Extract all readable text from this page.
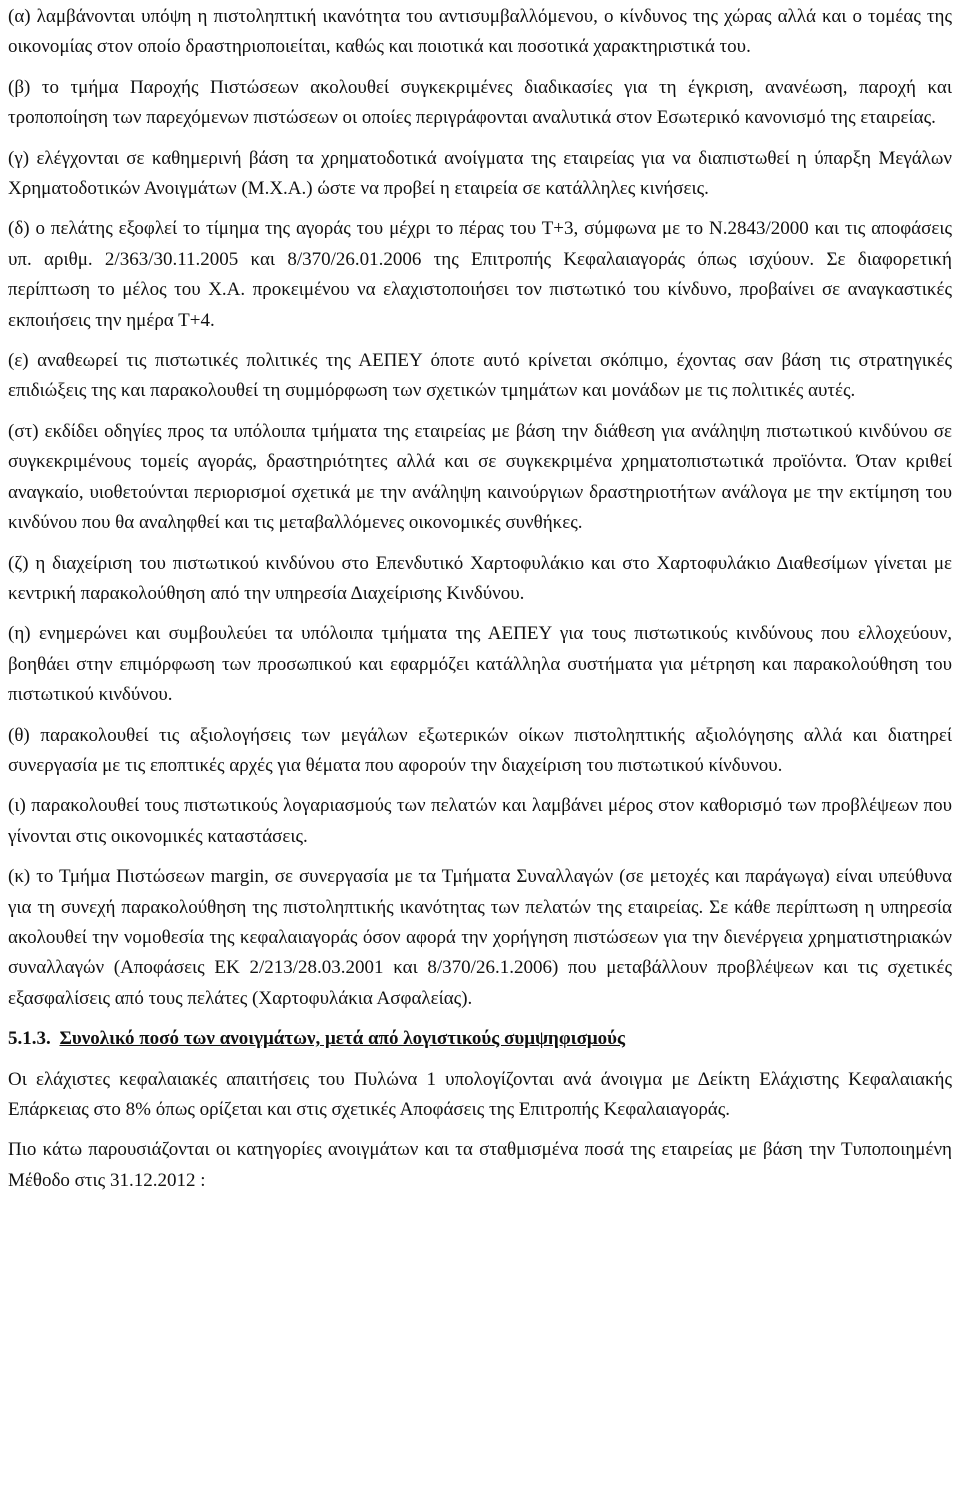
(α) λαμβάνονται υπόψη η πιστοληπτική ικανότητα του αντισυμβαλλόμενου, ο κίνδυνος της χώρας αλλά και ο τομέας της οικονομίας στον οποίο δραστηριοποιείται, καθώς και ποιοτικά και ποσοτικά χαρακτηριστικά του.

(β) το τμήμα Παροχής Πιστώσεων ακολουθεί συγκεκριμένες διαδικασίες για τη έγκριση, ανανέωση, παροχή και τροποποίηση των παρεχόμενων πιστώσεων οι οποίες περιγράφονται αναλυτικά στον Εσωτερικό κανονισμό της εταιρείας.

(γ) ελέγχονται σε καθημερινή βάση τα χρηματοδοτικά ανοίγματα της εταιρείας για να διαπιστωθεί η ύπαρξη Μεγάλων Χρηματοδοτικών Ανοιγμάτων (Μ.Χ.Α.) ώστε να προβεί η εταιρεία σε κατάλληλες κινήσεις.

(δ) ο πελάτης εξοφλεί το τίμημα της αγοράς του μέχρι το πέρας του Τ+3, σύμφωνα με το Ν.2843/2000 και τις αποφάσεις υπ. αριθμ. 2/363/30.11.2005 και 8/370/26.01.2006 της Επιτροπής Κεφαλαιαγοράς όπως ισχύουν. Σε διαφορετική περίπτωση το μέλος του Χ.Α. προκειμένου να ελαχιστοποιήσει τον πιστωτικό του κίνδυνο, προβαίνει σε αναγκαστικές εκποιήσεις την ημέρα Τ+4.

(ε) αναθεωρεί τις πιστωτικές πολιτικές της ΑΕΠΕΥ όποτε αυτό κρίνεται σκόπιμο, έχοντας σαν βάση τις στρατηγικές επιδιώξεις της και παρακολουθεί τη συμμόρφωση των σχετικών τμημάτων και μονάδων με τις πολιτικές αυτές.

(στ) εκδίδει οδηγίες προς τα υπόλοιπα τμήματα της εταιρείας με βάση την διάθεση για ανάληψη πιστωτικού κινδύνου σε συγκεκριμένους τομείς αγοράς, δραστηριότητες αλλά και σε συγκεκριμένα χρηματοπιστωτικά προϊόντα. Όταν κριθεί αναγκαίο, υιοθετούνται περιορισμοί σχετικά με την ανάληψη καινούργιων δραστηριοτήτων ανάλογα με την εκτίμηση του κινδύνου που θα αναληφθεί και τις μεταβαλλόμενες οικονομικές συνθήκες.

(ζ) η διαχείριση του πιστωτικού κινδύνου στο Επενδυτικό Χαρτοφυλάκιο και στο Χαρτοφυλάκιο Διαθεσίμων γίνεται με κεντρική παρακολούθηση από την υπηρεσία Διαχείρισης Κινδύνου.

(η) ενημερώνει και συμβουλεύει τα υπόλοιπα τμήματα της ΑΕΠΕΥ για τους πιστωτικούς κινδύνους που ελλοχεύουν, βοηθάει στην επιμόρφωση των προσωπικού και εφαρμόζει κατάλληλα συστήματα για μέτρηση και παρακολούθηση του πιστωτικού κινδύνου.

(θ) παρακολουθεί τις αξιολογήσεις των μεγάλων εξωτερικών οίκων πιστοληπτικής αξιολόγησης αλλά και διατηρεί συνεργασία με τις εποπτικές αρχές για θέματα που αφορούν την διαχείριση του πιστωτικού κίνδυνου.

(ι) παρακολουθεί τους πιστωτικούς λογαριασμούς των πελατών και λαμβάνει μέρος στον καθορισμό των προβλέψεων που γίνονται στις οικονομικές καταστάσεις.

(κ) το Τμήμα Πιστώσεων margin, σε συνεργασία με τα Τμήματα Συναλλαγών (σε μετοχές και παράγωγα) είναι υπεύθυνα για τη συνεχή παρακολούθηση της πιστοληπτικής ικανότητας των πελατών της εταιρείας. Σε κάθε περίπτωση η υπηρεσία ακολουθεί την νομοθεσία της κεφαλαιαγοράς όσον αφορά την χορήγηση πιστώσεων για την διενέργεια χρηματιστηριακών συναλλαγών (Αποφάσεις ΕΚ 2/213/28.03.2001 και 8/370/26.1.2006) που μεταβάλλουν προβλέψεων και τις σχετικές εξασφαλίσεις από τους πελάτες (Χαρτοφυλάκια Ασφαλείας).

5.1.3. Συνολικό ποσό των ανοιγμάτων, μετά από λογιστικούς συμψηφισμούς

Οι ελάχιστες κεφαλαιακές απαιτήσεις του Πυλώνα 1 υπολογίζονται ανά άνοιγμα με Δείκτη Ελάχιστης Κεφαλαιακής Επάρκειας στο 8% όπως ορίζεται και στις σχετικές Αποφάσεις της Επιτροπής Κεφαλαιαγοράς.

Πιο κάτω παρουσιάζονται οι κατηγορίες ανοιγμάτων και τα σταθμισμένα ποσά της εταιρείας με βάση την Τυποποιημένη Μέθοδο στις 31.12.2012 :
